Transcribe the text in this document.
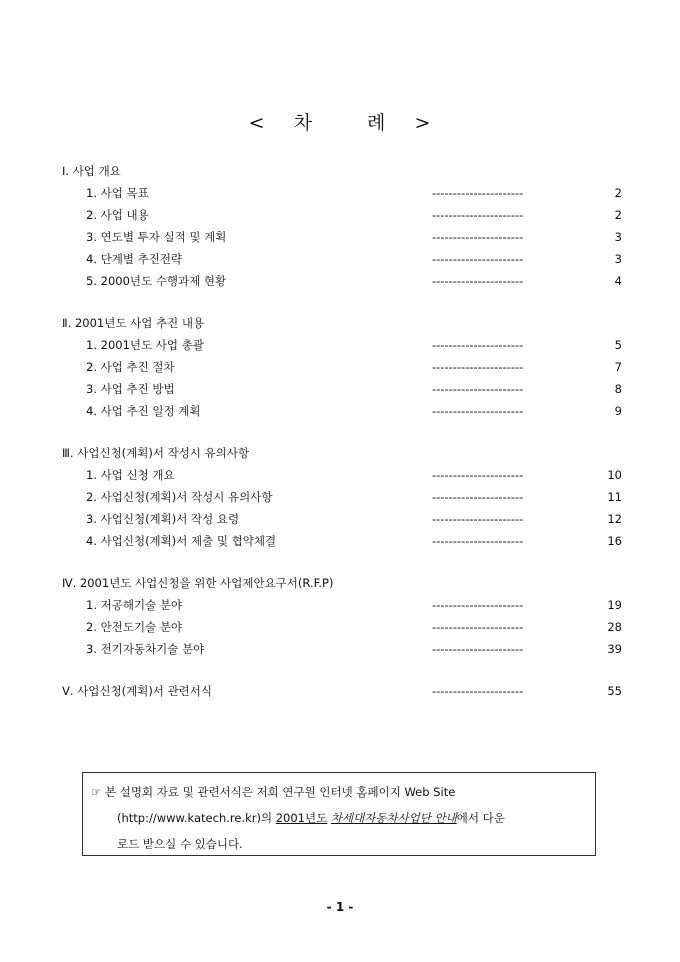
< 차	례 >
Ⅰ. 사업 개요
1. 사업 목표	----------------------	2
2. 사업 내용	----------------------	2
3. 연도별 투자 실적 및 계획	----------------------	3
4. 단계별 추진전략	----------------------	3
5. 2000년도 수행과제 현황	----------------------	4
Ⅱ. 2001년도 사업 추진 내용
1. 2001년도 사업 총괄	----------------------	5
2. 사업 추진 절차	----------------------	7
3. 사업 추진 방법	----------------------	8
4. 사업 추진 일정 계획	----------------------	9
Ⅲ. 사업신청(계획)서 작성시 유의사항
1. 사업 신청 개요	----------------------	10
2. 사업신청(계획)서 작성시 유의사항	----------------------	11
3. 사업신청(계획)서 작성 요령	----------------------	12
4. 사업신청(계획)서 제출 및 협약체결	----------------------	16
Ⅳ. 2001년도 사업신청을 위한 사업제안요구서(R.F.P)
1. 저공해기술 분야	----------------------	19
2. 안전도기술 분야	----------------------	28
3. 전기자동차기술 분야	----------------------	39
Ⅴ. 사업신청(계획)서 관련서식	----------------------	55
☞ 본 설명회 자료 및 관련서식은 저희 연구원 인터넷 홈페이지 Web Site
(http://www.katech.re.kr)의 2001년도 차세대자동차사업단 안내에서 다운
로드 받으실 수 있습니다.
- 1 -
